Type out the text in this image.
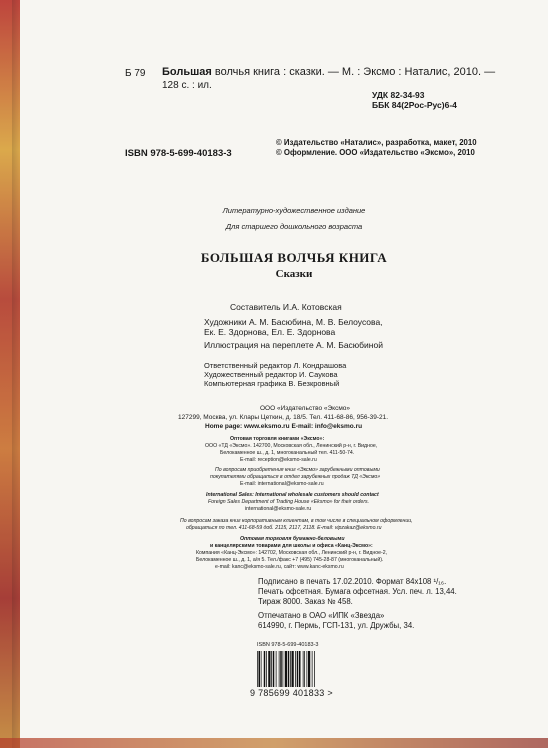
Б 79 Большая волчья книга : сказки. — М. : Эксмо : Наталис, 2010. —
128 с. : ил.
УДК 82-34-93
ББК 84(2Рос-Рус)6-4
ISBN 978-5-699-40183-3
© Издательство «Наталис», разработка, макет, 2010
© Оформление. ООО «Издательство «Эксмо», 2010
Литературно-художественное издание
Для старшего дошкольного возраста
БОЛЬШАЯ ВОЛЧЬЯ КНИГА
Сказки
Составитель И.А. Котовская
Художники А. М. Басюбина, М. В. Белоусова,
Ек. Е. Здорнова, Ел. Е. Здорнова
Иллюстрация на переплете А. М. Басюбиной
Ответственный редактор Л. Кондрашова
Художественный редактор И. Саукова
Компьютерная графика В. Безкровный
ООО «Издательство «Эксмо»
127299, Москва, ул. Клары Цеткин, д. 18/5. Тел. 411-68-86, 956-39-21.
Home page: www.eksmo.ru E-mail: info@eksmo.ru
Оптовая торговля книгами «Эксмо»:
ООО «ТД «Эксмо». 142700, Московская обл., Ленинский р-н, г. Видное,
Белокаменное ш., д. 1, многоканальный тел. 411-50-74.
E-mail: reception@eksmo-sale.ru
По вопросам приобретения книг «Эксмо» зарубежными оптовыми
покупателями обращаться в отдел зарубежных продаж ТД «Эксмо»
E-mail: international@eksmo-sale.ru
International Sales: International wholesale customers should contact
Foreign Sales Department of Trading House «Eksmo» for their orders.
international@eksmo-sale.ru
По вопросам заказа книг корпоративным клиентам, в том числе в специальном оформлении,
обращаться по тел. 411-68-59 доб. 2115, 2117, 2118. E-mail: vipzakaz@eksmo.ru
Оптовая торговля бумажно-беловыми
и канцелярскими товарами для школы и офиса «Канц-Эксмо»:
Компания «Канц-Эксмо»: 142702, Московская обл., Ленинский р-н, г. Видное-2,
Белокаменное ш., д. 1, а/я 5. Тел./факс +7 (495) 745-28-87 (многоканальный).
e-mail: kanc@eksmo-sale.ru, сайт: www.kanc-eksmo.ru
Подписано в печать 17.02.2010. Формат 84х108 ¹/₁₆.
Печать офсетная. Бумага офсетная. Усл. печ. л. 13,44.
Тираж 8000. Заказ № 458.
Отпечатано в ОАО «ИПК «Звезда»
614990, г. Пермь, ГСП-131, ул. Дружбы, 34.
ISBN 978-5-699-40183-3
9 785699 401833 >
